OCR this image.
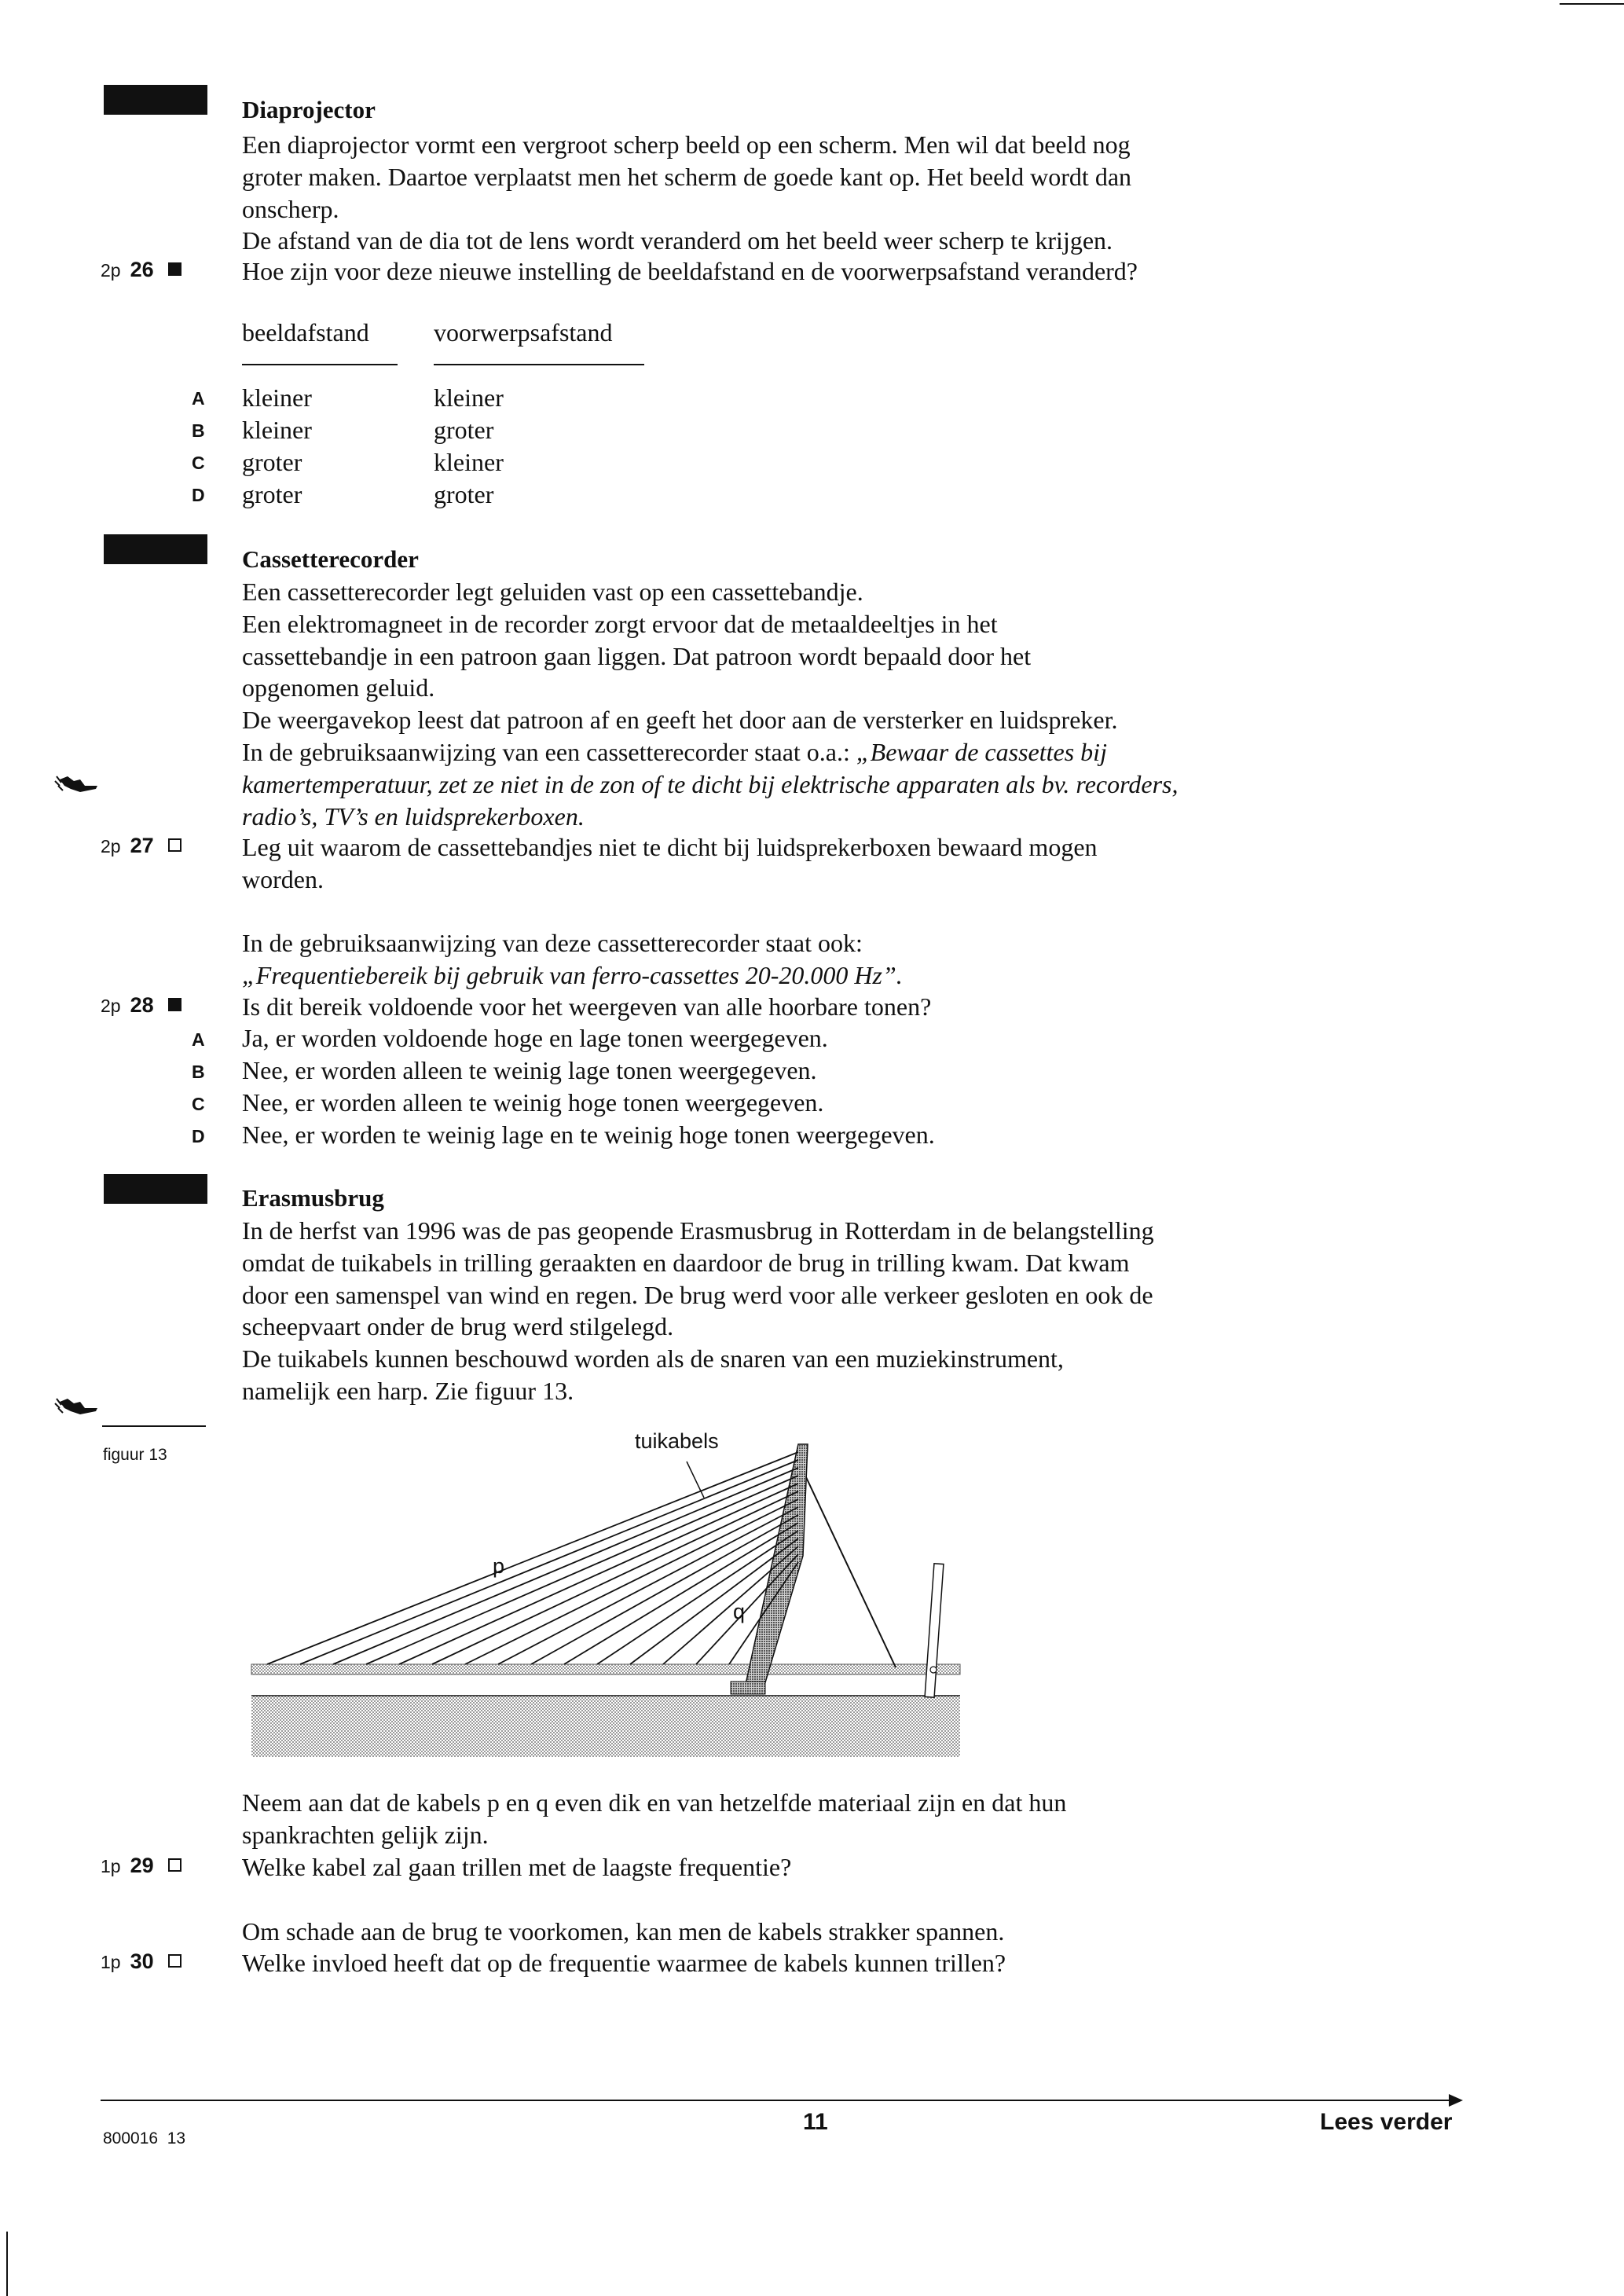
Diaprojector
Een diaprojector vormt een vergroot scherp beeld op een scherm. Men wil dat beeld nog
groter maken. Daartoe verplaatst men het scherm de goede kant op. Het beeld wordt dan
onscherp.
De afstand van de dia tot de lens wordt veranderd om het beeld weer scherp te krijgen.
2p 26	Hoe zijn voor deze nieuwe instelling de beeldafstand en de voorwerpsafstand veranderd?
beeldafstand	voorwerpsafstand
A kleiner	kleiner
B kleiner	groter
C groter	kleiner
D groter	groter
Cassetterecorder
Een cassetterecorder legt geluiden vast op een cassettebandje.
Een elektromagneet in de recorder zorgt ervoor dat de metaaldeeltjes in het
cassettebandje in een patroon gaan liggen. Dat patroon wordt bepaald door het
opgenomen geluid.
De weergavekop leest dat patroon af en geeft het door aan de versterker en luidspreker.
In de gebruiksaanwijzing van een cassetterecorder staat o.a.: „Bewaar de cassettes bij
kamertemperatuur, zet ze niet in de zon of te dicht bij elektrische apparaten als bv. recorders,
radio’s, TV’s en luidsprekerboxen.
2p 27	Leg uit waarom de cassettebandjes niet te dicht bij luidsprekerboxen bewaard mogen
worden.
In de gebruiksaanwijzing van deze cassetterecorder staat ook:
„Frequentiebereik bij gebruik van ferro-cassettes 20-20.000 Hz”.
2p 28	Is dit bereik voldoende voor het weergeven van alle hoorbare tonen?
A Ja, er worden voldoende hoge en lage tonen weergegeven.
B Nee, er worden alleen te weinig lage tonen weergegeven.
C Nee, er worden alleen te weinig hoge tonen weergegeven.
D Nee, er worden te weinig lage en te weinig hoge tonen weergegeven.
Erasmusbrug
In de herfst van 1996 was de pas geopende Erasmusbrug in Rotterdam in de belangstelling
omdat de tuikabels in trilling geraakten en daardoor de brug in trilling kwam. Dat kwam
door een samenspel van wind en regen. De brug werd voor alle verkeer gesloten en ook de
scheepvaart onder de brug werd stilgelegd.
De tuikabels kunnen beschouwd worden als de snaren van een muziekinstrument,
namelijk een harp. Zie figuur 13.
figuur 13
tuikabels
p
q
Neem aan dat de kabels p en q even dik en van hetzelfde materiaal zijn en dat hun
spankrachten gelijk zijn.
1p 29	Welke kabel zal gaan trillen met de laagste frequentie?
Om schade aan de brug te voorkomen, kan men de kabels strakker spannen.
1p 30	Welke invloed heeft dat op de frequentie waarmee de kabels kunnen trillen?
800016  13
11	Lees verder
